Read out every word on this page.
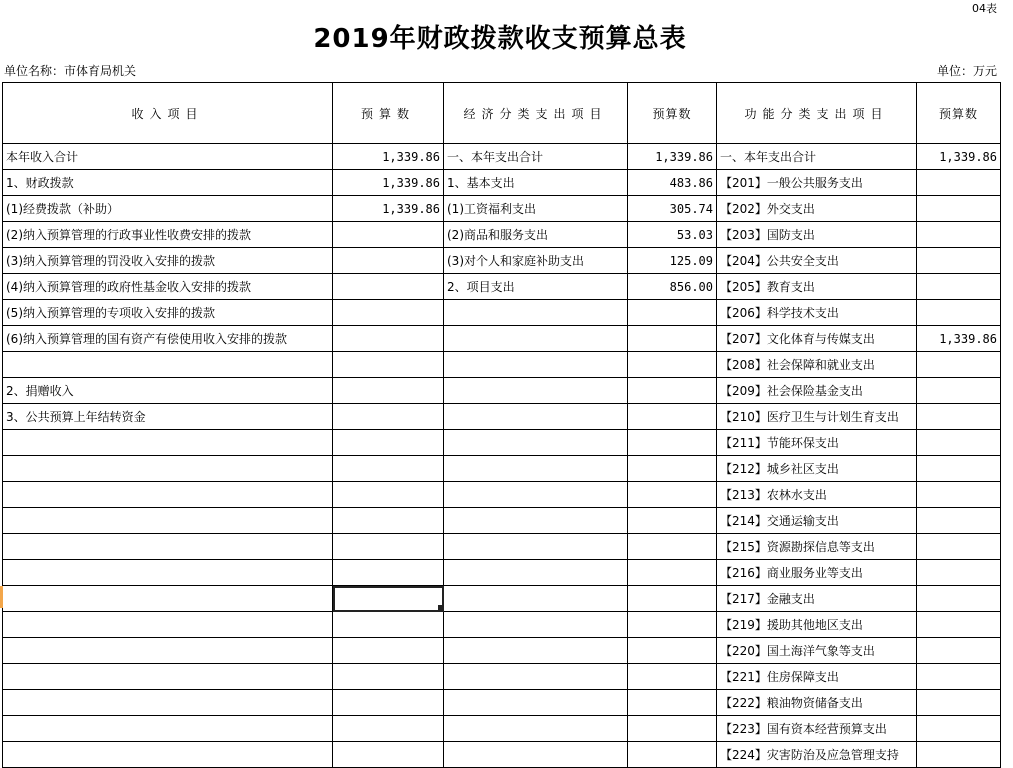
04表
2019年财政拨款收支预算总表
单位名称：市体育局机关	单位：万元
收入项目	预算数	经济分类支出项目	预算数	功能分类支出项目	预算数
本年收入合计	1,339.86	一、本年支出合计	1,339.86	一、本年支出合计	1,339.86
1、财政拨款	1,339.86	1、基本支出	483.86	【201】一般公共服务支出	
(1)经费拨款（补助）	1,339.86	(1)工资福利支出	305.74	【202】外交支出	
(2)纳入预算管理的行政事业性收费安排的拨款		(2)商品和服务支出	53.03	【203】国防支出	
(3)纳入预算管理的罚没收入安排的拨款		(3)对个人和家庭补助支出	125.09	【204】公共安全支出	
(4)纳入预算管理的政府性基金收入安排的拨款		2、项目支出	856.00	【205】教育支出	
(5)纳入预算管理的专项收入安排的拨款				【206】科学技术支出	
(6)纳入预算管理的国有资产有偿使用收入安排的拨款				【207】文化体育与传媒支出	1,339.86
				【208】社会保障和就业支出	
2、捐赠收入				【209】社会保险基金支出	
3、公共预算上年结转资金				【210】医疗卫生与计划生育支出	
				【211】节能环保支出	
				【212】城乡社区支出	
				【213】农林水支出	
				【214】交通运输支出	
				【215】资源勘探信息等支出	
				【216】商业服务业等支出	
				【217】金融支出	
				【219】援助其他地区支出	
				【220】国土海洋气象等支出	
				【221】住房保障支出	
				【222】粮油物资储备支出	
				【223】国有资本经营预算支出	
				【224】灾害防治及应急管理支持	
